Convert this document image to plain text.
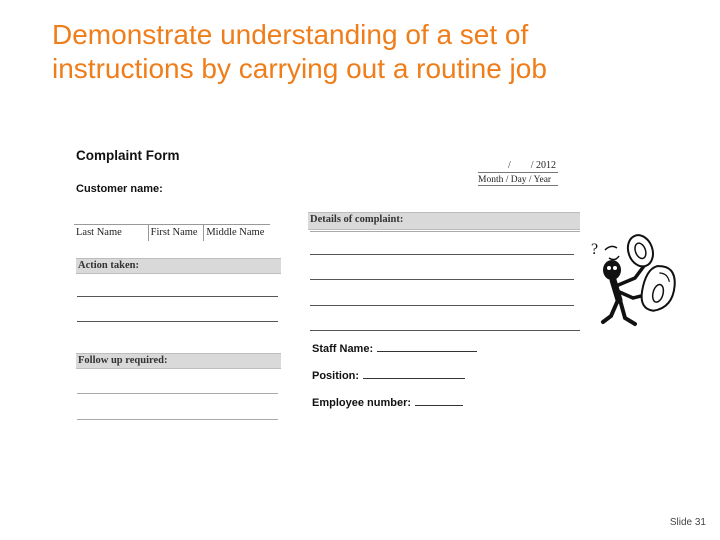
Demonstrate understanding of a set of instructions by carrying out a routine job
Complaint Form
2012
/ /
Month / Day / Year
Customer name:
Last Name	First Name Middle Name
Action taken:
Follow up required:
Details of complaint:
Staff Name:
Position:
Employee number:
?
Slide 31
